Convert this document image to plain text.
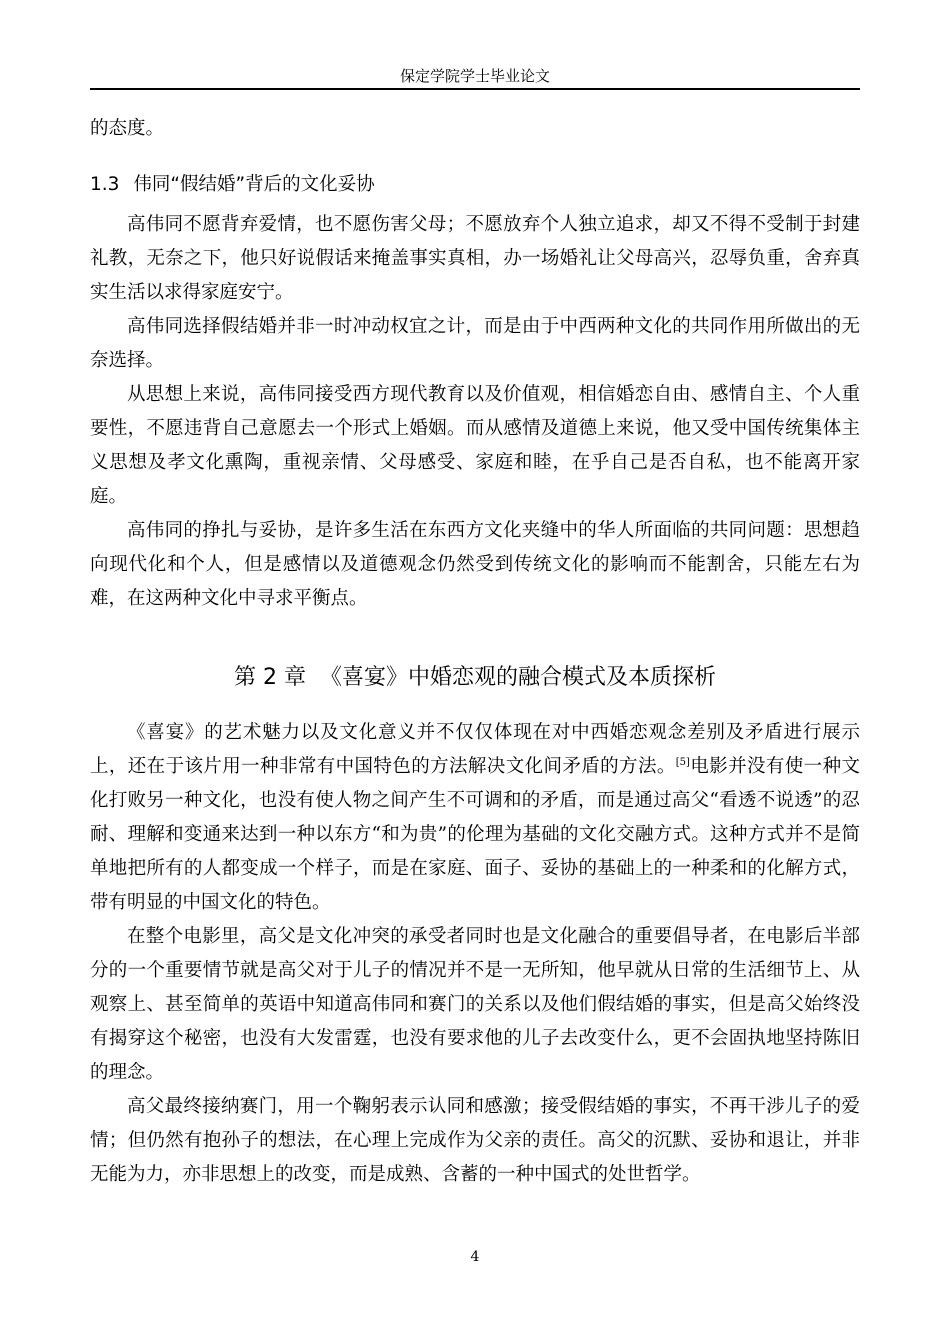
保定学院学士毕业论文

的态度。

1.3 伟同“假结婚”背后的文化妥协

高伟同不愿背弃爱情，也不愿伤害父母；不愿放弃个人独立追求，却又不得不受制于封建礼教，无奈之下，他只好说假话来掩盖事实真相，办一场婚礼让父母高兴，忍辱负重，舍弃真实生活以求得家庭安宁。

高伟同选择假结婚并非一时冲动权宜之计，而是由于中西两种文化的共同作用所做出的无奈选择。

从思想上来说，高伟同接受西方现代教育以及价值观，相信婚恋自由、感情自主、个人重要性，不愿违背自己意愿去一个形式上婚姻。而从感情及道德上来说，他又受中国传统集体主义思想及孝文化熏陶，重视亲情、父母感受、家庭和睦，在乎自己是否自私，也不能离开家庭。

高伟同的挣扎与妥协，是许多生活在东西方文化夹缝中的华人所面临的共同问题：思想趋向现代化和个人，但是感情以及道德观念仍然受到传统文化的影响而不能割舍，只能左右为难，在这两种文化中寻求平衡点。

第 2 章 《喜宴》中婚恋观的融合模式及本质探析

《喜宴》的艺术魅力以及文化意义并不仅仅体现在对中西婚恋观念差别及矛盾进行展示上，还在于该片用一种非常有中国特色的方法解决文化间矛盾的方法。[5]电影并没有使一种文化打败另一种文化，也没有使人物之间产生不可调和的矛盾，而是通过高父“看透不说透”的忍耐、理解和变通来达到一种以东方“和为贵”的伦理为基础的文化交融方式。这种方式并不是简单地把所有的人都变成一个样子，而是在家庭、面子、妥协的基础上的一种柔和的化解方式，带有明显的中国文化的特色。

在整个电影里，高父是文化冲突的承受者同时也是文化融合的重要倡导者，在电影后半部分的一个重要情节就是高父对于儿子的情况并不是一无所知，他早就从日常的生活细节上、从观察上、甚至简单的英语中知道高伟同和赛门的关系以及他们假结婚的事实，但是高父始终没有揭穿这个秘密，也没有大发雷霆，也没有要求他的儿子去改变什么，更不会固执地坚持陈旧的理念。

高父最终接纳赛门，用一个鞠躬表示认同和感激；接受假结婚的事实，不再干涉儿子的爱情；但仍然有抱孙子的想法，在心理上完成作为父亲的责任。高父的沉默、妥协和退让，并非无能为力，亦非思想上的改变，而是成熟、含蓄的一种中国式的处世哲学。

4
